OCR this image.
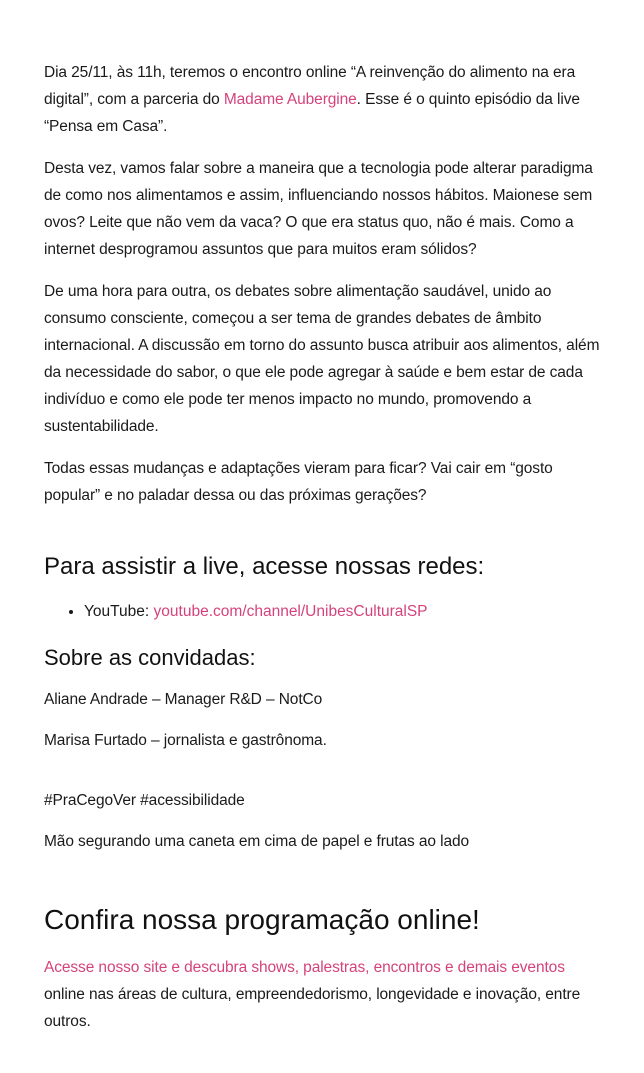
Dia 25/11, às 11h, teremos o encontro online “A reinvenção do alimento na era digital”, com a parceria do Madame Aubergine. Esse é o quinto episódio da live “Pensa em Casa”.

Desta vez, vamos falar sobre a maneira que a tecnologia pode alterar paradigma de como nos alimentamos e assim, influenciando nossos hábitos. Maionese sem ovos? Leite que não vem da vaca? O que era status quo, não é mais. Como a internet desprogramou assuntos que para muitos eram sólidos?

De uma hora para outra, os debates sobre alimentação saudável, unido ao consumo consciente, começou a ser tema de grandes debates de âmbito internacional. A discussão em torno do assunto busca atribuir aos alimentos, além da necessidade do sabor, o que ele pode agregar à saúde e bem estar de cada indivíduo e como ele pode ter menos impacto no mundo, promovendo a sustentabilidade.

Todas essas mudanças e adaptações vieram para ficar? Vai cair em “gosto popular” e no paladar dessa ou das próximas gerações?

Para assistir a live, acesse nossas redes:
• YouTube: youtube.com/channel/UnibesCulturalSP
Sobre as convidadas:

Aliane Andrade – Manager R&D – NotCo

Marisa Furtado – jornalista e gastrônoma.

#PraCegoVer #acessibilidade

Mão segurando uma caneta em cima de papel e frutas ao lado

Confira nossa programação online!

Acesse nosso site e descubra shows, palestras, encontros e demais eventos online nas áreas de cultura, empreendedorismo, longevidade e inovação, entre outros.
